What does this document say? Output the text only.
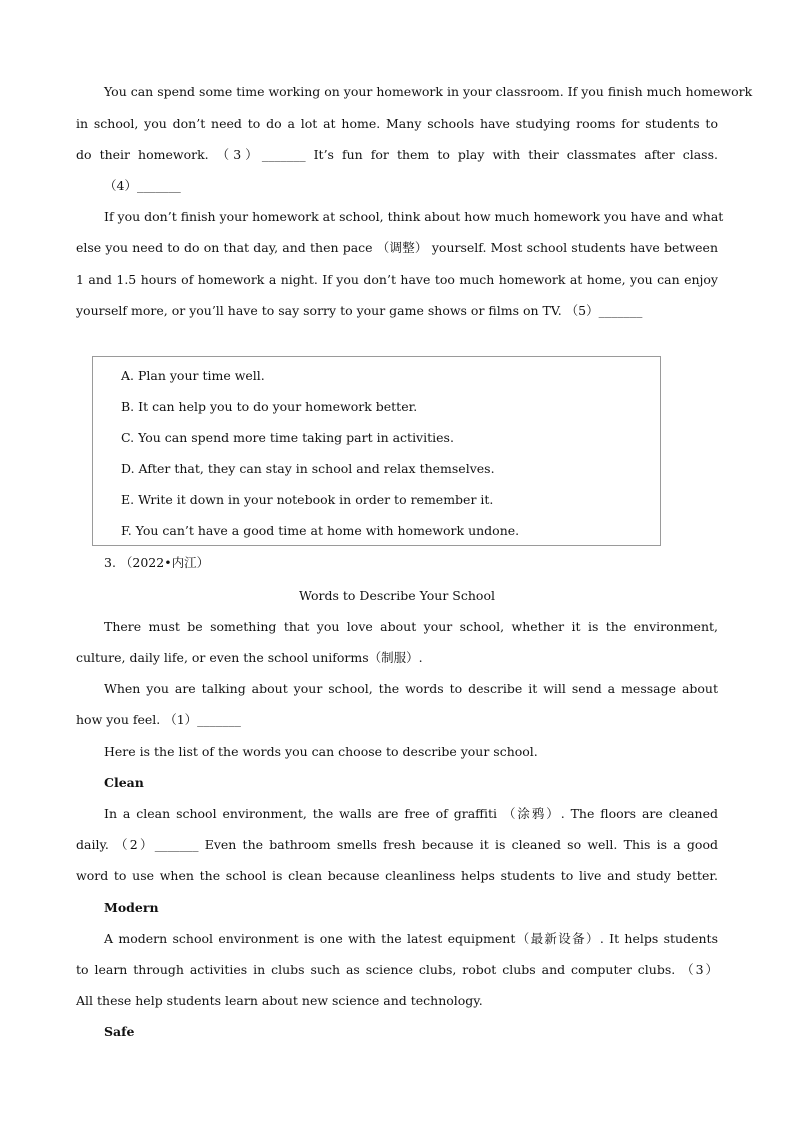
You can spend some time working on your homework in your classroom. If you finish much homework
in school, you don’t need to do a lot at home. Many schools have studying rooms for students to
do their homework. （3）_______ It’s fun for them to play with their classmates after class.
（4）_______
If you don’t finish your homework at school, think about how much homework you have and what
else you need to do on that day, and then pace （调整） yourself. Most school students have between
1 and 1.5 hours of homework a night. If you don’t have too much homework at home, you can enjoy
yourself more, or you’ll have to say sorry to your game shows or films on TV. （5）_______
A. Plan your time well.
B. It can help you to do your homework better.
C. You can spend more time taking part in activities.
D. After that, they can stay in school and relax themselves.
E. Write it down in your notebook in order to remember it.
F. You can’t have a good time at home with homework undone.
3. （2022•内江）
Words to Describe Your School
There must be something that you love about your school, whether it is the environment,
culture, daily life, or even the school uniforms（制服）.
When you are talking about your school, the words to describe it will send a message about
how you feel. （1）_______
Here is the list of the words you can choose to describe your school.
Clean
In a clean school environment, the walls are free of graffiti （涂鸦）. The floors are cleaned
daily. （2）_______ Even the bathroom smells fresh because it is cleaned so well. This is a good
word to use when the school is clean because cleanliness helps students to live and study better.
Modern
A modern school environment is one with the latest equipment（最新设备）. It helps students
to learn through activities in clubs such as science clubs, robot clubs and computer clubs. （3）
All these help students learn about new science and technology.
Safe
